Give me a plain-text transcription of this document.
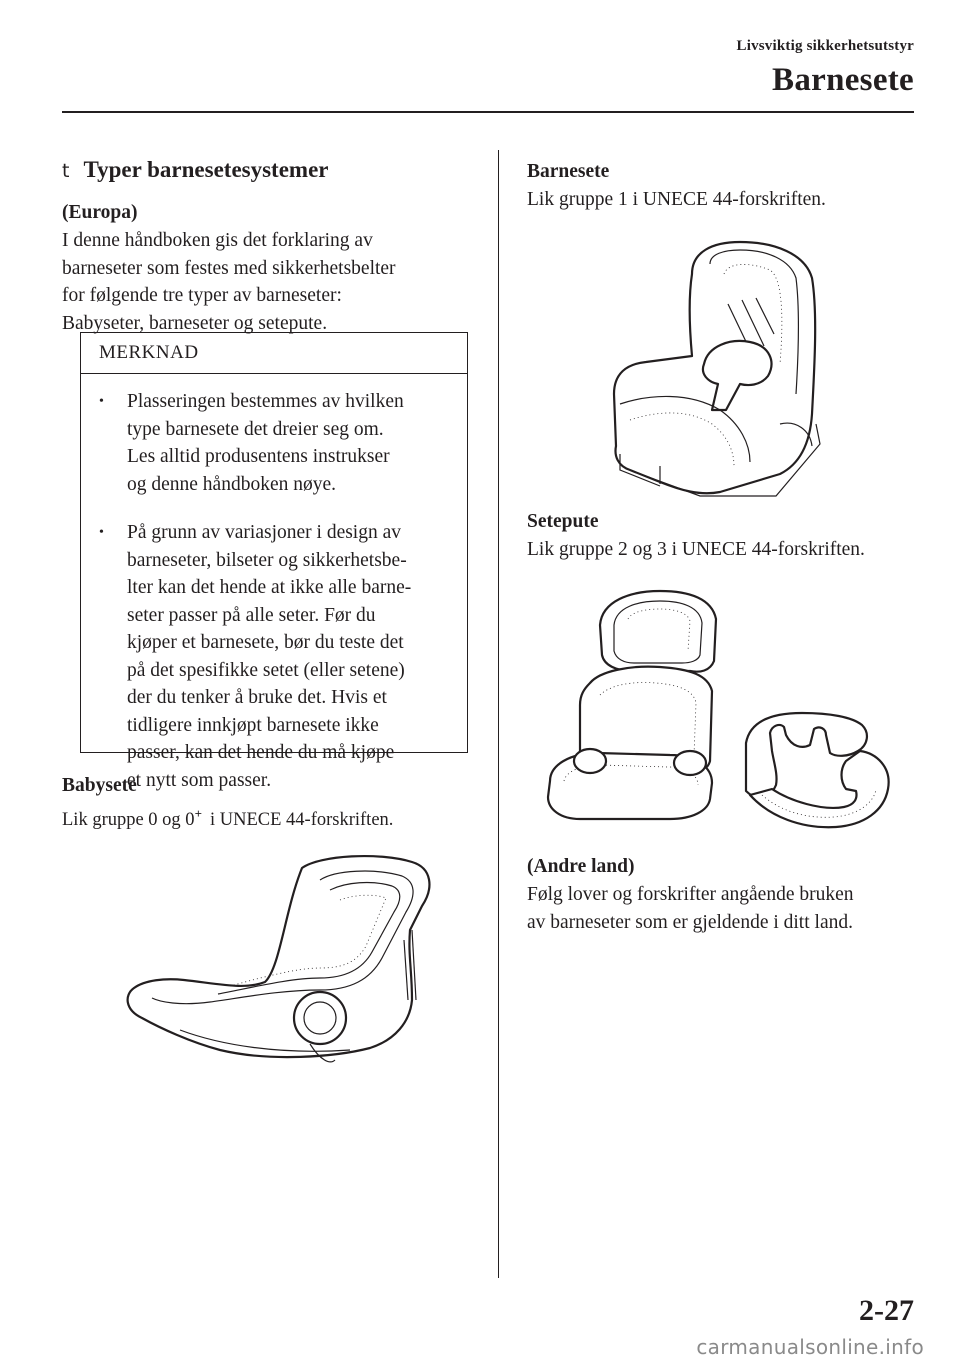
Livsviktig sikkerhetsutstyr
Barnesete
t Typer barnesetesystemer
(Europa)
I denne håndboken gis det forklaring av
barneseter som festes med sikkerhetsbelter
for følgende tre typer av barneseter:
Babyseter, barneseter og setepute.
MERKNAD
• Plasseringen bestemmes av hvilken
type barnesete det dreier seg om.
Les alltid produsentens instrukser
og denne håndboken nøye.
• På grunn av variasjoner i design av
barneseter, bilseter og sikkerhetsbe-
lter kan det hende at ikke alle barne-
seter passer på alle seter. Før du
kjøper et barnesete, bør du teste det
på det spesifikke setet (eller setene)
der du tenker å bruke det. Hvis et
tidligere innkjøpt barnesete ikke
passer, kan det hende du må kjøpe
et nytt som passer.
Babysete
Lik gruppe 0 og 0+ i UNECE 44-forskriften.
Barnesete
Lik gruppe 1 i UNECE 44-forskriften.
Setepute
Lik gruppe 2 og 3 i UNECE 44-forskriften.
(Andre land)
Følg lover og forskrifter angående bruken
av barneseter som er gjeldende i ditt land.
2-27
carmanualsonline.info
